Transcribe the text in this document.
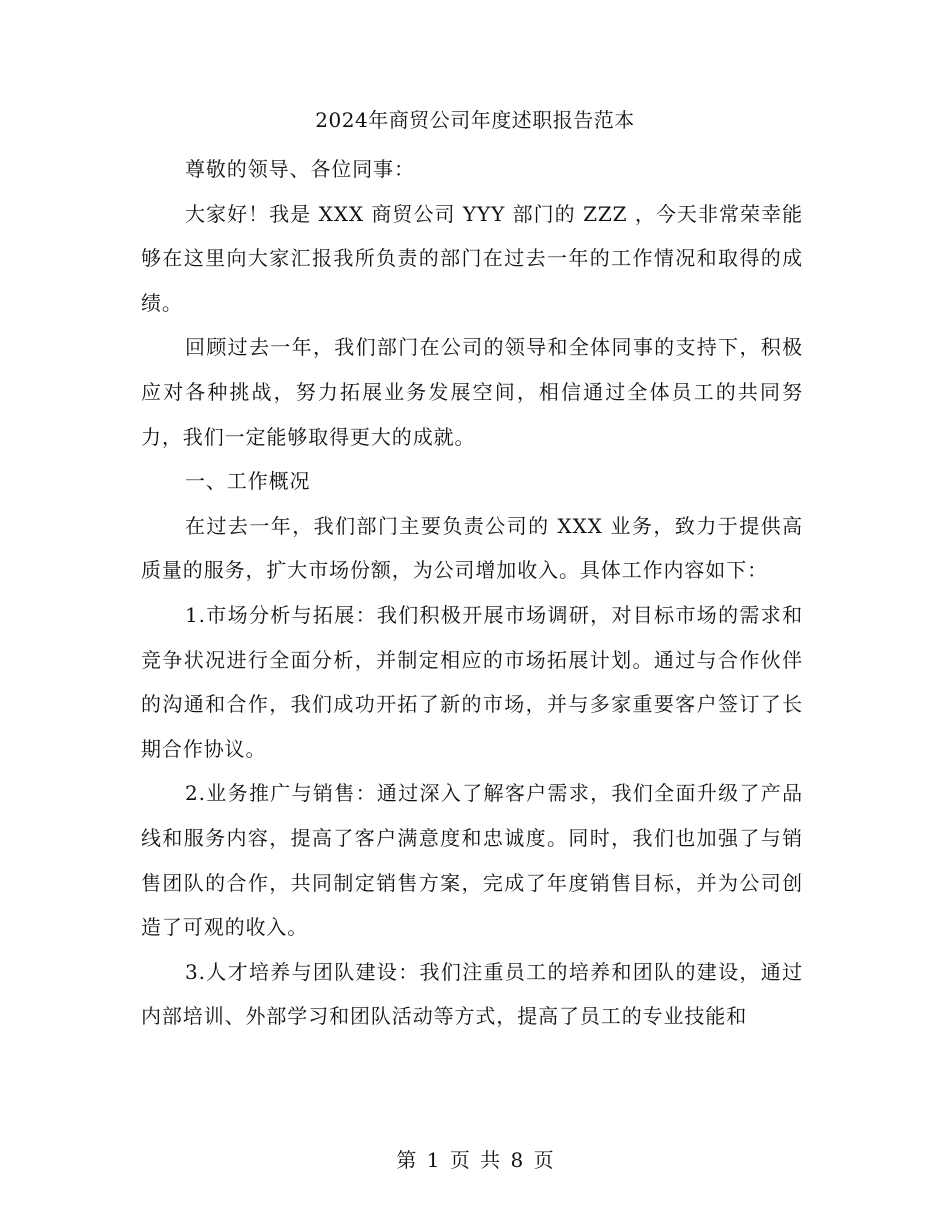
2024年商贸公司年度述职报告范本

尊敬的领导、各位同事：

大家好！我是 XXX 商贸公司 YYY 部门的 ZZZ ，今天非常荣幸能够在这里向大家汇报我所负责的部门在过去一年的工作情况和取得的成绩。

回顾过去一年，我们部门在公司的领导和全体同事的支持下，积极应对各种挑战，努力拓展业务发展空间，相信通过全体员工的共同努力，我们一定能够取得更大的成就。

一、工作概况

在过去一年，我们部门主要负责公司的 XXX 业务，致力于提供高质量的服务，扩大市场份额，为公司增加收入。具体工作内容如下：

1.市场分析与拓展：我们积极开展市场调研，对目标市场的需求和竞争状况进行全面分析，并制定相应的市场拓展计划。通过与合作伙伴的沟通和合作，我们成功开拓了新的市场，并与多家重要客户签订了长期合作协议。

2.业务推广与销售：通过深入了解客户需求，我们全面升级了产品线和服务内容，提高了客户满意度和忠诚度。同时，我们也加强了与销售团队的合作，共同制定销售方案，完成了年度销售目标，并为公司创造了可观的收入。

3.人才培养与团队建设：我们注重员工的培养和团队的建设，通过内部培训、外部学习和团队活动等方式，提高了员工的专业技能和

第 1 页 共 8 页
